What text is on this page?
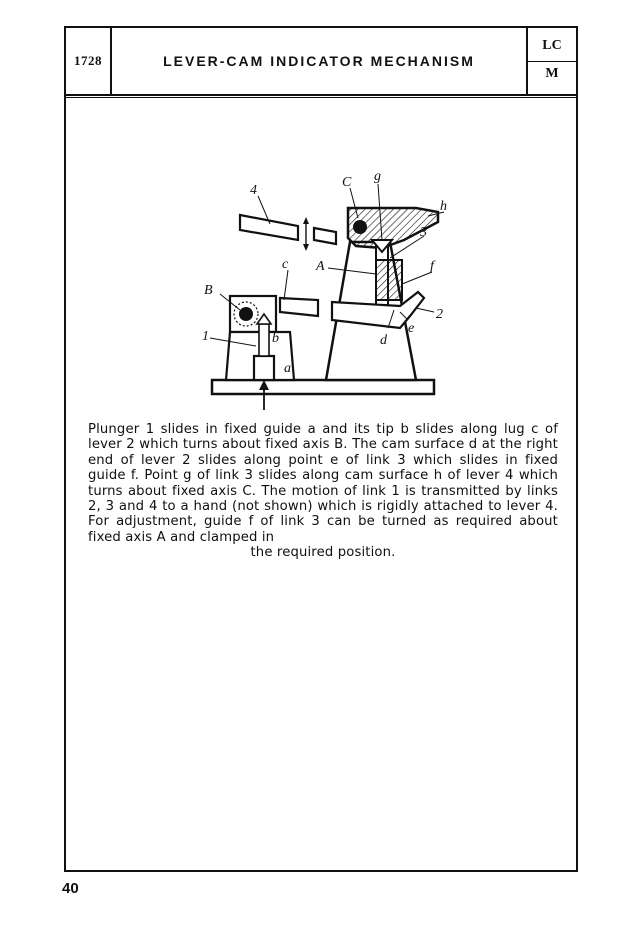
1728	LEVER-CAM INDICATOR MECHANISM
LC
M
4
C g
h
3
A
c	f
B
1	b
e
2
d
a
Plunger 1 slides in fixed guide a and its tip b slides along lug c of lever 2 which turns about fixed axis B. The cam surface d at the right end of lever 2 slides along point e of link 3 which slides in fixed guide f. Point g of link 3 slides along cam surface h of lever 4 which turns about fixed axis C. The motion of link 1 is transmitted by links 2, 3 and 4 to a hand (not shown) which is rigidly attached to lever 4. For adjustment, guide f of link 3 can be turned as required about fixed axis A and clamped in
the required position.
40
